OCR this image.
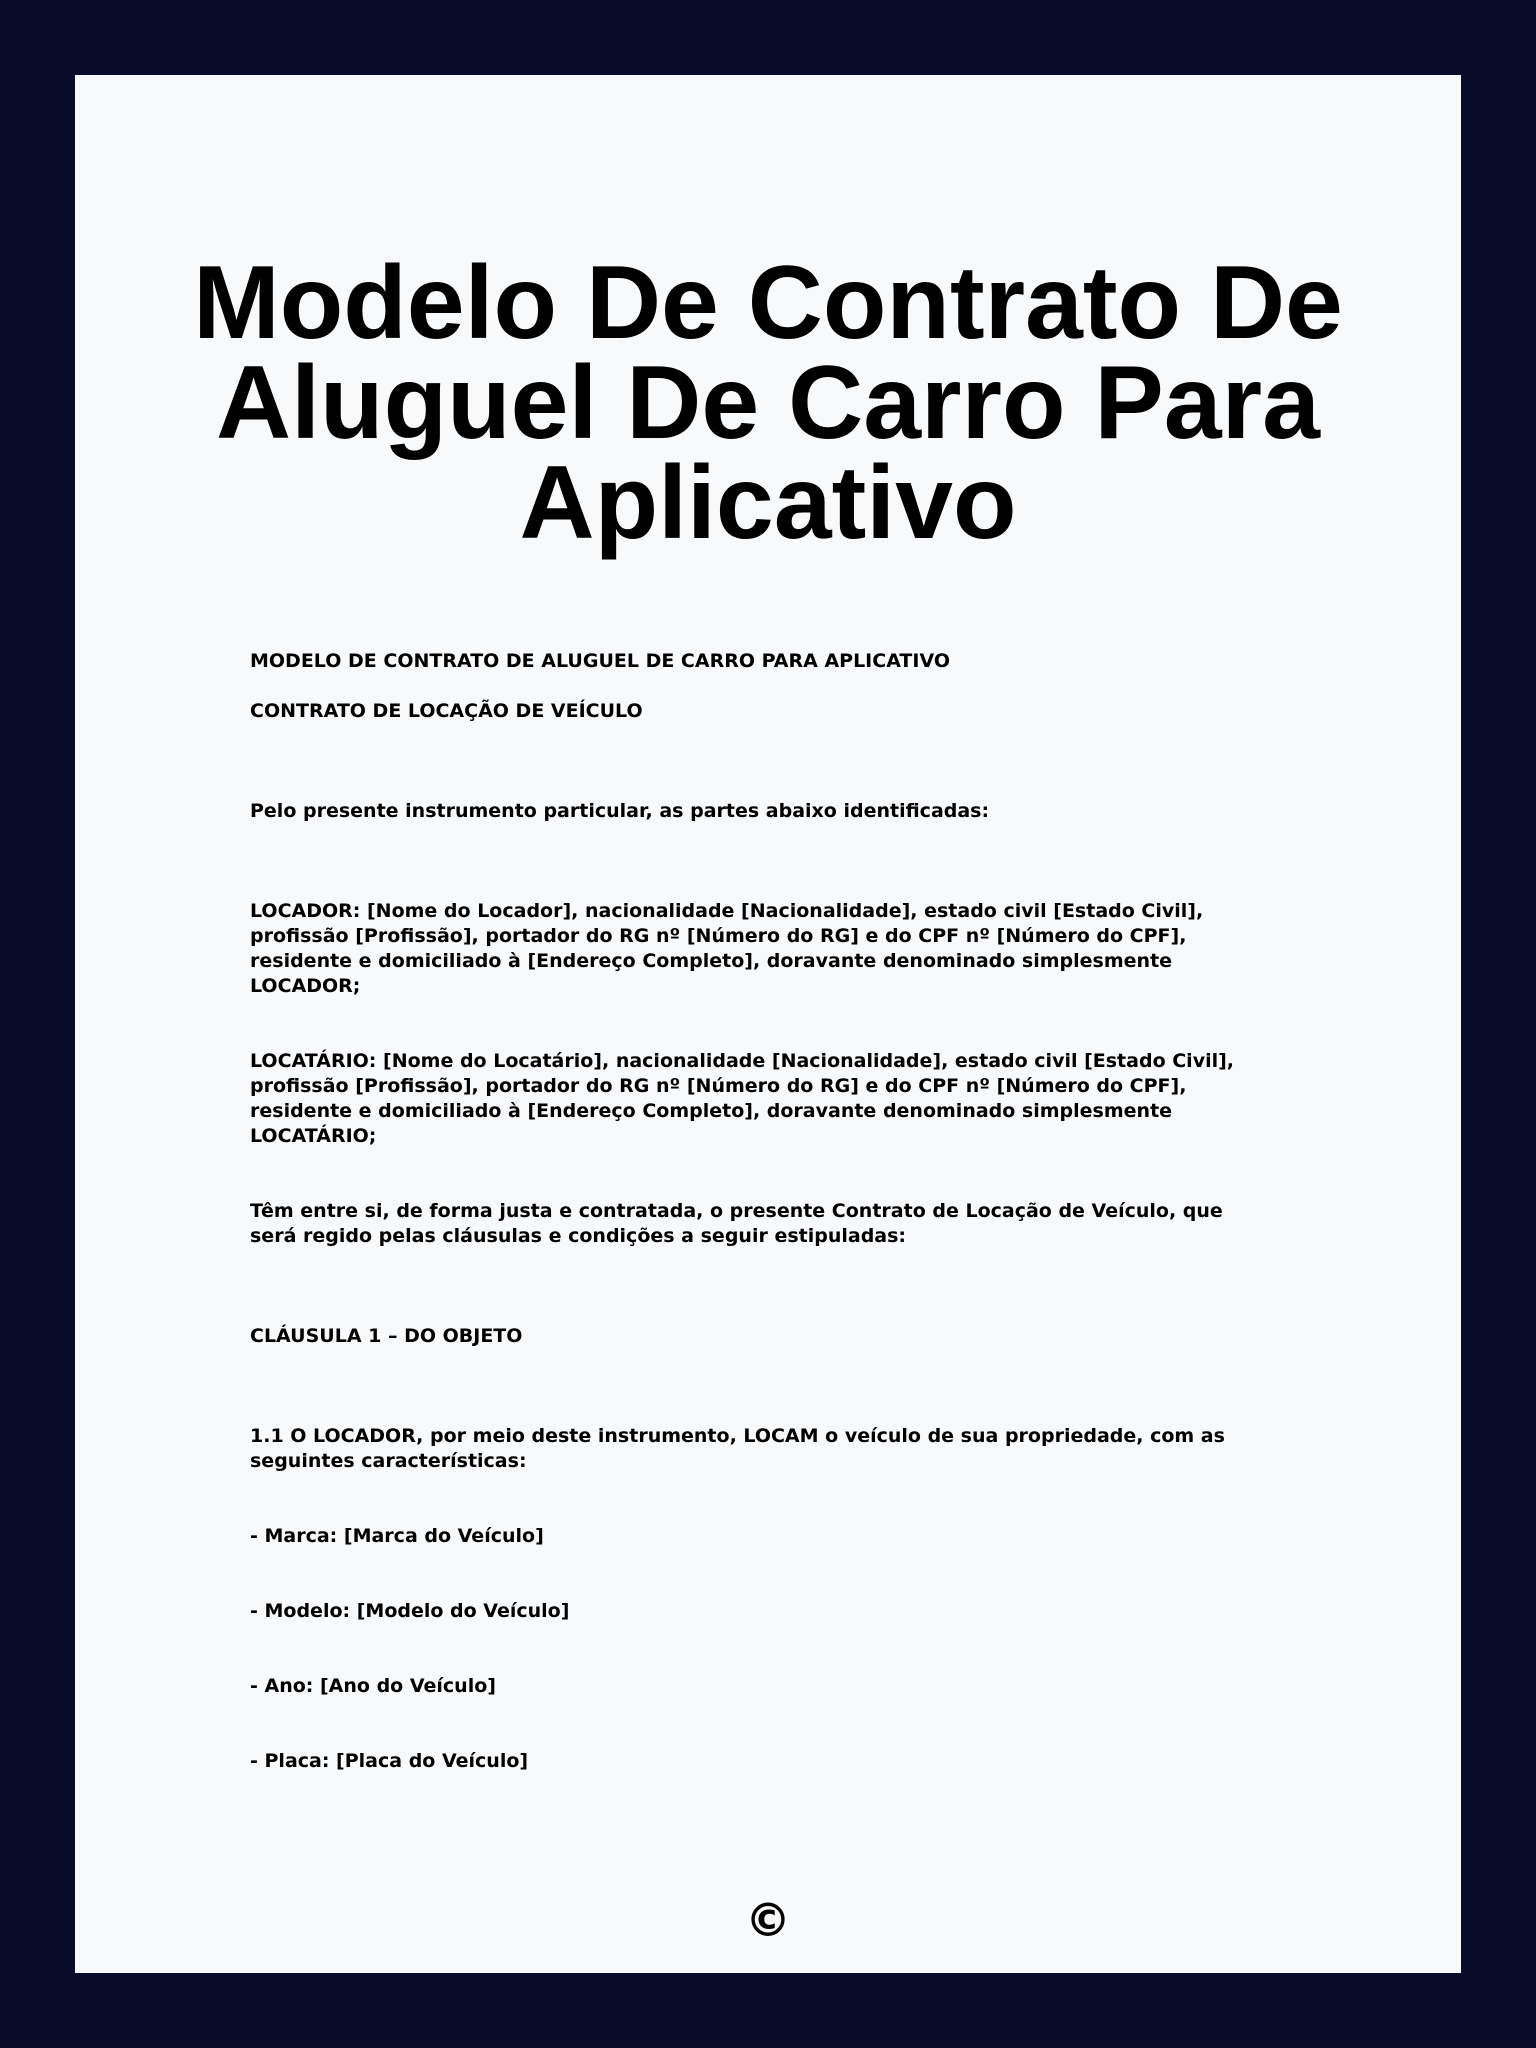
Modelo De Contrato De Aluguel De Carro Para Aplicativo

MODELO DE CONTRATO DE ALUGUEL DE CARRO PARA APLICATIVO

CONTRATO DE LOCAÇÃO DE VEÍCULO

Pelo presente instrumento particular, as partes abaixo identificadas:

LOCADOR: [Nome do Locador], nacionalidade [Nacionalidade], estado civil [Estado Civil], profissão [Profissão], portador do RG nº [Número do RG] e do CPF nº [Número do CPF], residente e domiciliado à [Endereço Completo], doravante denominado simplesmente LOCADOR;

LOCATÁRIO: [Nome do Locatário], nacionalidade [Nacionalidade], estado civil [Estado Civil], profissão [Profissão], portador do RG nº [Número do RG] e do CPF nº [Número do CPF], residente e domiciliado à [Endereço Completo], doravante denominado simplesmente LOCATÁRIO;

Têm entre si, de forma justa e contratada, o presente Contrato de Locação de Veículo, que será regido pelas cláusulas e condições a seguir estipuladas:

CLÁUSULA 1 – DO OBJETO

1.1 O LOCADOR, por meio deste instrumento, LOCAM o veículo de sua propriedade, com as seguintes características:

- Marca: [Marca do Veículo]

- Modelo: [Modelo do Veículo]

- Ano: [Ano do Veículo]

- Placa: [Placa do Veículo]

©
